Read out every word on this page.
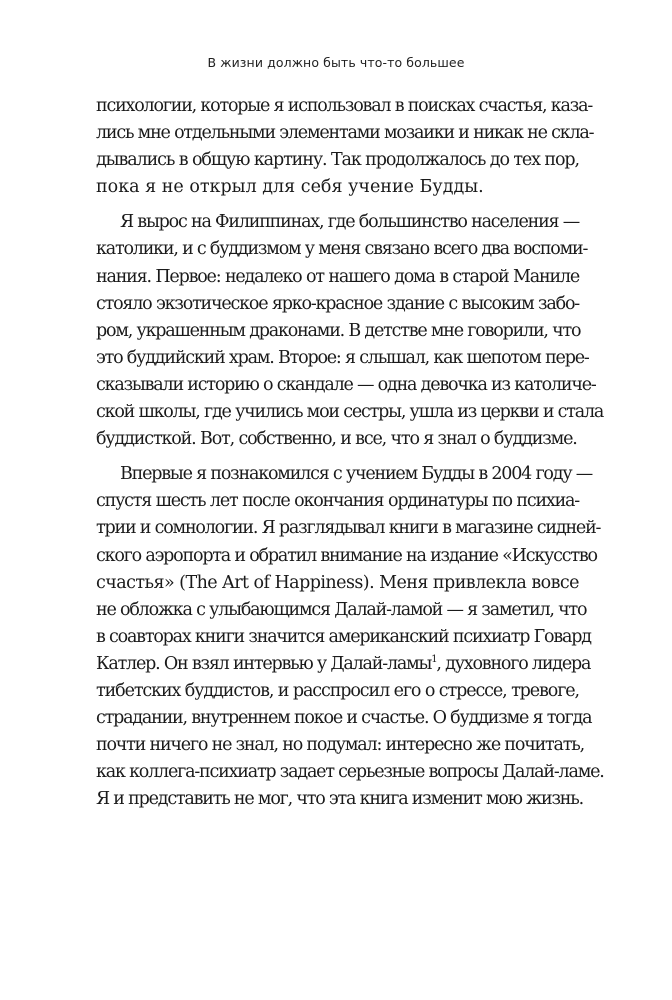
В жизни должно быть что-то большее
психологии, которые я использовал в поисках счастья, каза-
лись мне отдельными элементами мозаики и никак не скла-
дывались в общую картину. Так продолжалось до тех пор,
пока я не открыл для себя учение Будды.
Я вырос на Филиппинах, где большинство населения —
католики, и с буддизмом у меня связано всего два воспоми-
нания. Первое: недалеко от нашего дома в старой Маниле
стояло экзотическое ярко-красное здание с высоким забо-
ром, украшенным драконами. В детстве мне говорили, что
это буддийский храм. Второе: я слышал, как шепотом пере-
сказывали историю о скандале — одна девочка из католиче-
ской школы, где учились мои сестры, ушла из церкви и стала
буддисткой. Вот, собственно, и все, что я знал о буддизме.
Впервые я познакомился с учением Будды в 2004 году —
спустя шесть лет после окончания ординатуры по психиа-
трии и сомнологии. Я разглядывал книги в магазине сидней-
ского аэропорта и обратил внимание на издание «Искусство
счастья» (The Art of Happiness). Меня привлекла вовсе
не обложка с улыбающимся Далай-ламой — я заметил, что
в соавторах книги значится американский психиатр Говард
Катлер. Он взял интервью у Далай-ламы$^1$, духовного лидера
тибетских буддистов, и расспросил его о стрессе, тревоге,
страдании, внутреннем покое и счастье. О буддизме я тогда
почти ничего не знал, но подумал: интересно же почитать,
как коллега-психиатр задает серьезные вопросы Далай-ламе.
Я и представить не мог, что эта книга изменит мою жизнь.
